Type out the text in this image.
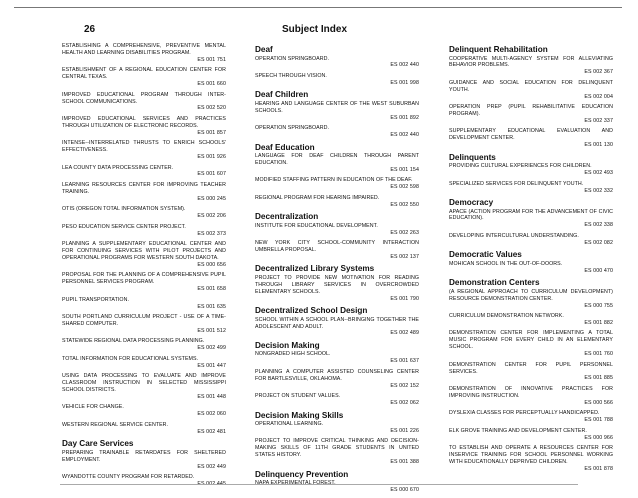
26	Subject Index
ESTABLISHING A COMPREHENSIVE, PREVENTIVE MENTAL HEALTH AND LEARNING DISABILITIES PROGRAM.
ES 001 751
ESTABLISHMENT OF A REGIONAL EDUCATION CENTER FOR CENTRAL TEXAS.
ES 001 660
IMPROVED EDUCATIONAL PROGRAM THROUGH INTER-SCHOOL COMMUNICATIONS.
ES 002 520
IMPROVED EDUCATIONAL SERVICES AND PRACTICES THROUGH UTILIZATION OF ELECTRONIC RECORDS.
ES 001 857
INTENSE--INTERRELATED THRUSTS TO ENRICH SCHOOLS' EFFECTIVENESS.
ES 001 926
LEA COUNTY DATA PROCESSING CENTER.
ES 001 607
LEARNING RESOURCES CENTER FOR IMPROVING TEACHER TRAINING.
ES 000 245
OTIS (OREGON TOTAL INFORMATION SYSTEM).
ES 002 206
PESO EDUCATION SERVICE CENTER PROJECT.
ES 002 373
PLANNING A SUPPLEMENTARY EDUCATIONAL CENTER AND FOR CONTINUING SERVICES WITH PILOT PROJECTS AND OPERATIONAL PROGRAMS FOR WESTERN SOUTH DAKOTA.
ES 000 656
PROPOSAL FOR THE PLANNING OF A COMPREHENSIVE PUPIL PERSONNEL SERVICES PROGRAM.
ES 001 658
PUPIL TRANSPORTATION.
ES 001 635
SOUTH PORTLAND CURRICULUM PROJECT - USE OF A TIME-SHARED COMPUTER.
ES 001 512
STATEWIDE REGIONAL DATA PROCESSING PLANNING.
ES 002 499
TOTAL INFORMATION FOR EDUCATIONAL SYSTEMS.
ES 001 447
USING DATA PROCESSING TO EVALUATE AND IMPROVE CLASSROOM INSTRUCTION IN SELECTED MISSISSIPPI SCHOOL DISTRICTS.
ES 001 448
VEHICLE FOR CHANGE.
ES 002 060
WESTERN REGIONAL SERVICE CENTER.
ES 002 481
Day Care Services
PREPARING TRAINABLE RETARDATES FOR SHELTERED EMPLOYMENT.
ES 002 449
WYANDOTTE COUNTY PROGRAM FOR RETARDED.
ES 002 445
Deaf
OPERATION SPRINGBOARD.
ES 002 440
SPEECH THROUGH VISION.
ES 001 998
Deaf Children
HEARING AND LANGUAGE CENTER OF THE WEST SUBURBAN SCHOOLS.
ES 001 892
OPERATION SPRINGBOARD.
ES 002 440
Deaf Education
LANGUAGE FOR DEAF CHILDREN THROUGH PARENT EDUCATION.
ES 001 154
MODIFIED STAFFING PATTERN IN EDUCATION OF THE DEAF.
ES 002 598
REGIONAL PROGRAM FOR HEARING IMPAIRED.
ES 002 550
Decentralization
INSTITUTE FOR EDUCATIONAL DEVELOPMENT.
ES 002 263
NEW YORK CITY SCHOOL-COMMUNITY INTERACTION UMBRELLA PROPOSAL.
ES 002 137
Decentralized Library Systems
PROJECT TO PROVIDE NEW MOTIVATION FOR READING THROUGH LIBRARY SERVICES IN OVERCROWDED ELEMENTARY SCHOOLS.
ES 001 790
Decentralized School Design
SCHOOL WITHIN A SCHOOL PLAN--BRINGING TOGETHER THE ADOLESCENT AND ADULT.
ES 002 489
Decision Making
NONGRADED HIGH SCHOOL.
ES 001 637
PLANNING A COMPUTER ASSISTED COUNSELING CENTER FOR BARTLESVILLE, OKLAHOMA.
ES 002 152
PROJECT ON STUDENT VALUES.
ES 002 062
Decision Making Skills
OPERATIONAL LEARNING.
ES 001 226
PROJECT TO IMPROVE CRITICAL THINKING AND DECISION-MAKING SKILLS OF 11TH GRADE STUDENTS IN UNITED STATES HISTORY.
ES 001 388
Delinquency Prevention
NAPA EXPERIMENTAL FOREST.
ES 000 670
Delinquent Rehabilitation
COOPERATIVE MULTI-AGENCY SYSTEM FOR ALLEVIATING BEHAVIOR PROBLEMS.
ES 002 367
GUIDANCE AND SOCIAL EDUCATION FOR DELINQUENT YOUTH.
ES 002 004
OPERATION PREP (PUPIL REHABILITATIVE EDUCATION PROGRAM).
ES 002 337
SUPPLEMENTARY EDUCATIONAL EVALUATION AND DEVELOPMENT CENTER.
ES 001 130
Delinquents
PROVIDING CULTURAL EXPERIENCES FOR CHILDREN.
ES 002 493
SPECIALIZED SERVICES FOR DELINQUENT YOUTH.
ES 002 332
Democracy
APACE (ACTION PROGRAM FOR THE ADVANCEMENT OF CIVIC EDUCATION).
ES 002 338
DEVELOPING INTERCULTURAL UNDERSTANDING.
ES 002 082
Democratic Values
MOHICAN SCHOOL IN THE OUT-OF-DOORS.
ES 000 470
Demonstration Centers
(A REGIONAL APPROACH TO CURRICULUM DEVELOPMENT) RESOURCE DEMONSTRATION CENTER.
ES 000 755
CURRICULUM DEMONSTRATION NETWORK.
ES 001 882
DEMONSTRATION CENTER FOR IMPLEMENTING A TOTAL MUSIC PROGRAM FOR EVERY CHILD IN AN ELEMENTARY SCHOOL.
ES 001 760
DEMONSTRATION CENTER FOR PUPIL PERSONNEL SERVICES.
ES 001 885
DEMONSTRATION OF INNOVATIVE PRACTICES FOR IMPROVING INSTRUCTION.
ES 000 566
DYSLEXIA CLASSES FOR PERCEPTUALLY HANDICAPPED.
ES 001 788
ELK GROVE TRAINING AND DEVELOPMENT CENTER.
ES 000 966
TO ESTABLISH AND OPERATE A RESOURCES CENTER FOR INSERVICE TRAINING FOR SCHOOL PERSONNEL WORKING WITH EDUCATIONALLY DEPRIVED CHILDREN.
ES 001 878
